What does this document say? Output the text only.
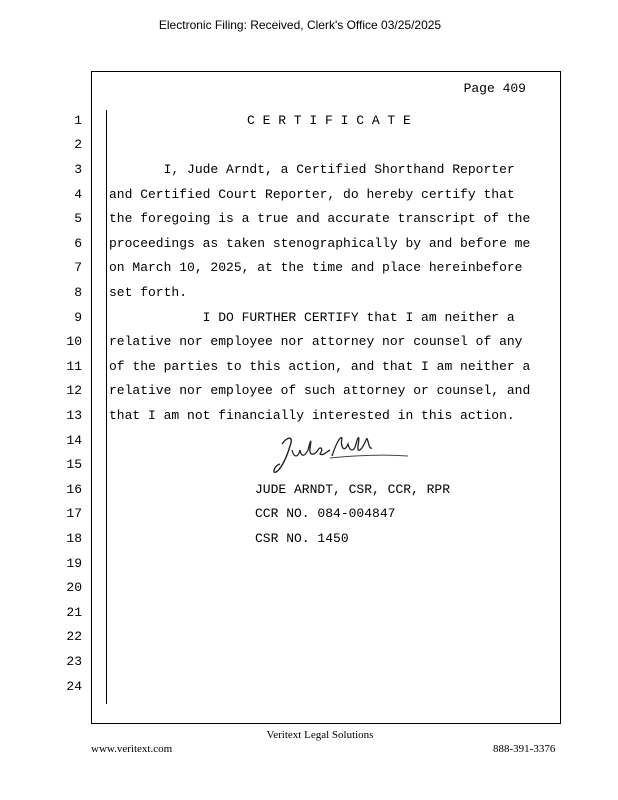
Electronic Filing: Received, Clerk's Office 03/25/2025
Page 409
1
2
3
4
5
6
7
8
9
10
11
12
13
14
15
16
17
18
19
20
21
22
23
24
C E R T I F I C A T E
I, Jude Arndt, a Certified Shorthand Reporter
and Certified Court Reporter, do hereby certify that
the foregoing is a true and accurate transcript of the
proceedings as taken stenographically by and before me
on March 10, 2025, at the time and place hereinbefore
set forth.
I DO FURTHER CERTIFY that I am neither a
relative nor employee nor attorney nor counsel of any
of the parties to this action, and that I am neither a
relative nor employee of such attorney or counsel, and
that I am not financially interested in this action.
JUDE ARNDT, CSR, CCR, RPR
CCR NO. 084-004847
CSR NO. 1450
Veritext Legal Solutions
www.veritext.com	888-391-3376
